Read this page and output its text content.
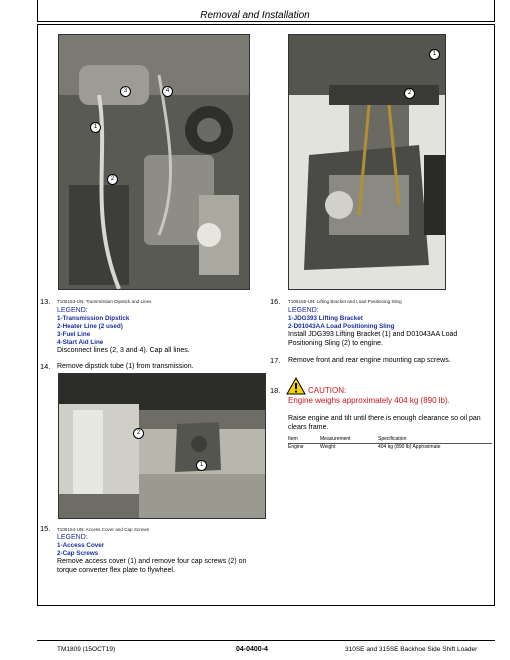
Removal and Installation
1
2
3	4
1
2
13. T106153-UN: Transmission Dipstick and Lines
LEGEND:
1-Transmission Dipstick
2-Heater Line (2 used)
3-Fuel Line
4-Start Aid Line
Disconnect lines (2, 3 and 4). Cap all lines.
14. Remove dipstick tube (1) from transmission.
1
2
15. T106154-UN: Access Cover and Cap Screws
LEGEND:
1-Access Cover
2-Cap Screws
Remove access cover (1) and remove four cap screws (2) on
torque converter flex plate to flywheel.
16. T106156-UN: Lifting Bracket and Load Positioning Sling
LEGEND:
1-JDG393 Lifting Bracket
2-D01043AA Load Positioning Sling
Install JDG393 Lifting Bracket (1) and D01043AA Load
Positioning Sling (2) to engine.
17. Remove front and rear engine mounting cap screws.
18.	CAUTION:
Engine weighs approximately 404 kg (890 lb).
Raise engine and tilt until there is enough clearance so oil pan
clears frame.
Item	Measurement	Specification
Engine	Weight	404 kg (890 lb) Approximate
TM1809 (15OCT19)	04-0400-4	310SE and 315SE Backhoe Side Shift Loader
